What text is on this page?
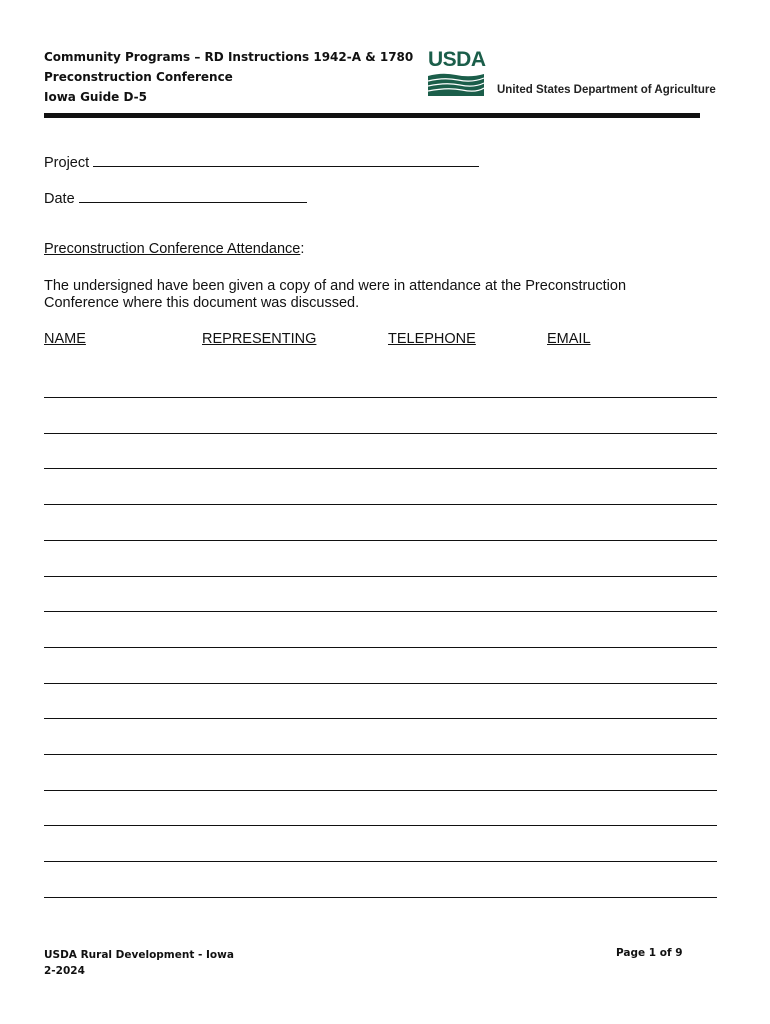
Community Programs – RD Instructions 1942-A & 1780
Preconstruction Conference
Iowa Guide D-5
USDA
United States Department of Agriculture
Project
Date
Preconstruction Conference Attendance:
The undersigned have been given a copy of and were in attendance at the Preconstruction Conference where this document was discussed.
NAME	REPRESENTING	TELEPHONE	EMAIL
USDA Rural Development - Iowa
2-2024
Page 1 of 9
